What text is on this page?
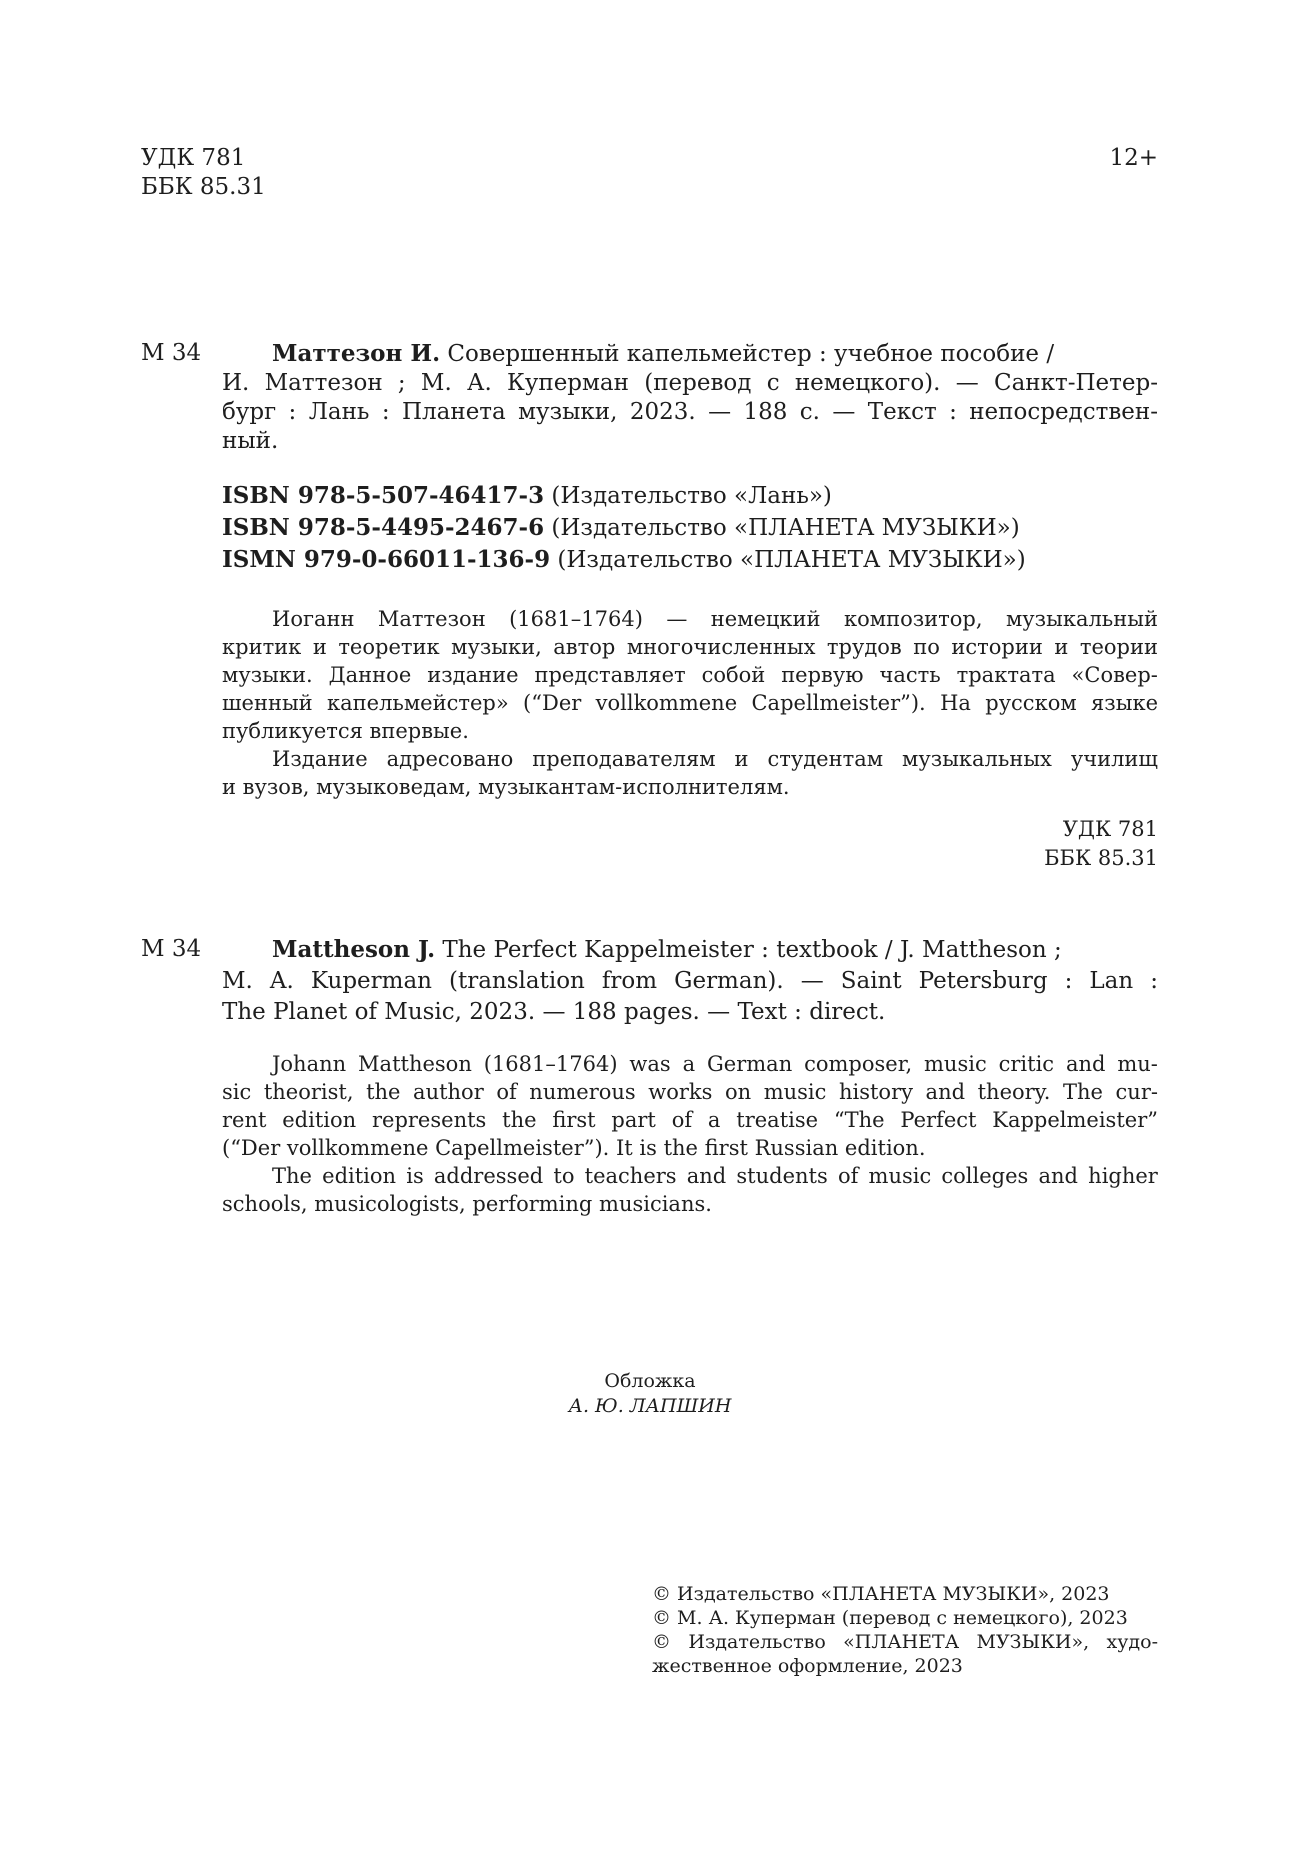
УДК 781
ББК 85.31
12+
М 34	Маттезон И. Совершенный капельмейстер : учебное пособие /
И. Маттезон ; М. А. Куперман (перевод с немецкого). — Санкт-Петер-
бург : Лань : Планета музыки, 2023. — 188 с. — Текст : непосредствен-
ный.
ISBN 978-5-507-46417-3 (Издательство «Лань»)
ISBN 978-5-4495-2467-6 (Издательство «ПЛАНЕТА МУЗЫКИ»)
ISMN 979-0-66011-136-9 (Издательство «ПЛАНЕТА МУЗЫКИ»)
Иоганн Маттезон (1681–1764) — немецкий композитор, музыкальный
критик и теоретик музыки, автор многочисленных трудов по истории и теории
музыки. Данное издание представляет собой первую часть трактата «Совер-
шенный капельмейстер» (“Der vollkommene Capellmeister”). На русском языке
публикуется впервые.
Издание адресовано преподавателям и студентам музыкальных училищ
и вузов, музыковедам, музыкантам-исполнителям.
УДК 781
ББК 85.31
M 34	Mattheson J. The Perfect Kappelmeister : textbook / J. Mattheson ;
M. A. Kuperman (translation from German). — Saint Petersburg : Lan :
The Planet of Music, 2023. — 188 pages. — Text : direct.
Johann Mattheson (1681–1764) was a German composer, music critic and mu-
sic theorist, the author of numerous works on music history and theory. The cur-
rent edition represents the first part of a treatise “The Perfect Kappelmeister”
(“Der vollkommene Capellmeister”). It is the first Russian edition.
The edition is addressed to teachers and students of music colleges and higher
schools, musicologists, performing musicians.
Обложка
А. Ю. ЛАПШИН
© Издательство «ПЛАНЕТА МУЗЫКИ», 2023
© М. А. Куперман (перевод с немецкого), 2023
© Издательство «ПЛАНЕТА МУЗЫКИ», худо-
жественное оформление, 2023
